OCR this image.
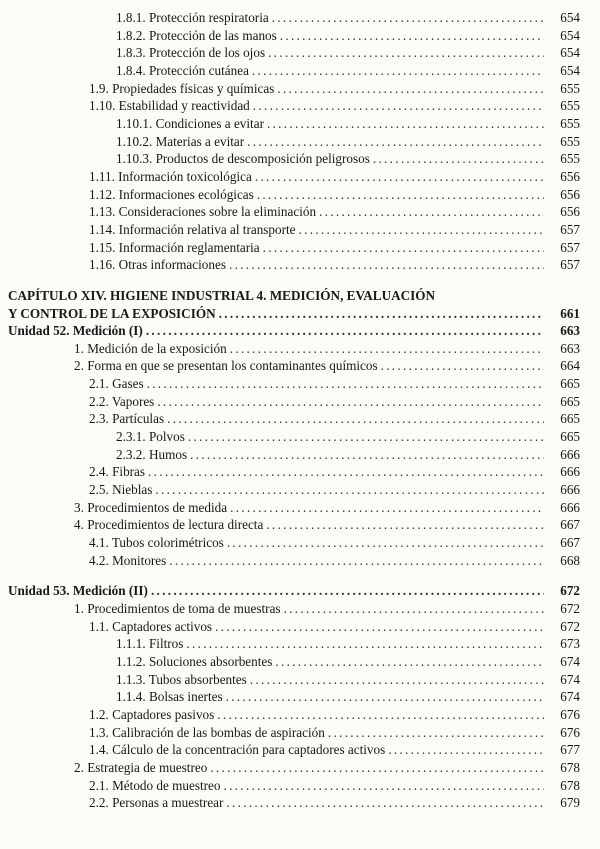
1.8.1. Protección respiratoria .....	654
1.8.2. Protección de las manos .....	654
1.8.3. Protección de los ojos .....	654
1.8.4. Protección cutánea .....	654
1.9. Propiedades físicas y químicas .....	655
1.10. Estabilidad y reactividad .....	655
1.10.1. Condiciones a evitar .....	655
1.10.2. Materias a evitar .....	655
1.10.3. Productos de descomposición peligrosos .....	655
1.11. Información toxicológica .....	656
1.12. Informaciones ecológicas .....	656
1.13. Consideraciones sobre la eliminación .....	656
1.14. Información relativa al transporte .....	657
1.15. Información reglamentaria .....	657
1.16. Otras informaciones .....	657
CAPÍTULO XIV. HIGIENE INDUSTRIAL 4. MEDICIÓN, EVALUACIÓN
Y CONTROL DE LA EXPOSICIÓN .....	661
Unidad 52. Medición (I) .....	663
1. Medición de la exposición .....	663
2. Forma en que se presentan los contaminantes químicos .....	664
2.1. Gases .....	665
2.2. Vapores .....	665
2.3. Partículas .....	665
2.3.1. Polvos .....	665
2.3.2. Humos .....	666
2.4. Fibras .....	666
2.5. Nieblas .....	666
3. Procedimientos de medida .....	666
4. Procedimientos de lectura directa .....	667
4.1. Tubos colorimétricos .....	667
4.2. Monitores .....	668
Unidad 53. Medición (II) .....	672
1. Procedimientos de toma de muestras .....	672
1.1. Captadores activos .....	672
1.1.1. Filtros .....	673
1.1.2. Soluciones absorbentes .....	674
1.1.3. Tubos absorbentes .....	674
1.1.4. Bolsas inertes .....	674
1.2. Captadores pasivos .....	676
1.3. Calibración de las bombas de aspiración .....	676
1.4. Cálculo de la concentración para captadores activos .....	677
2. Estrategia de muestreo .....	678
2.1. Método de muestreo .....	678
2.2. Personas a muestrear .....	679
